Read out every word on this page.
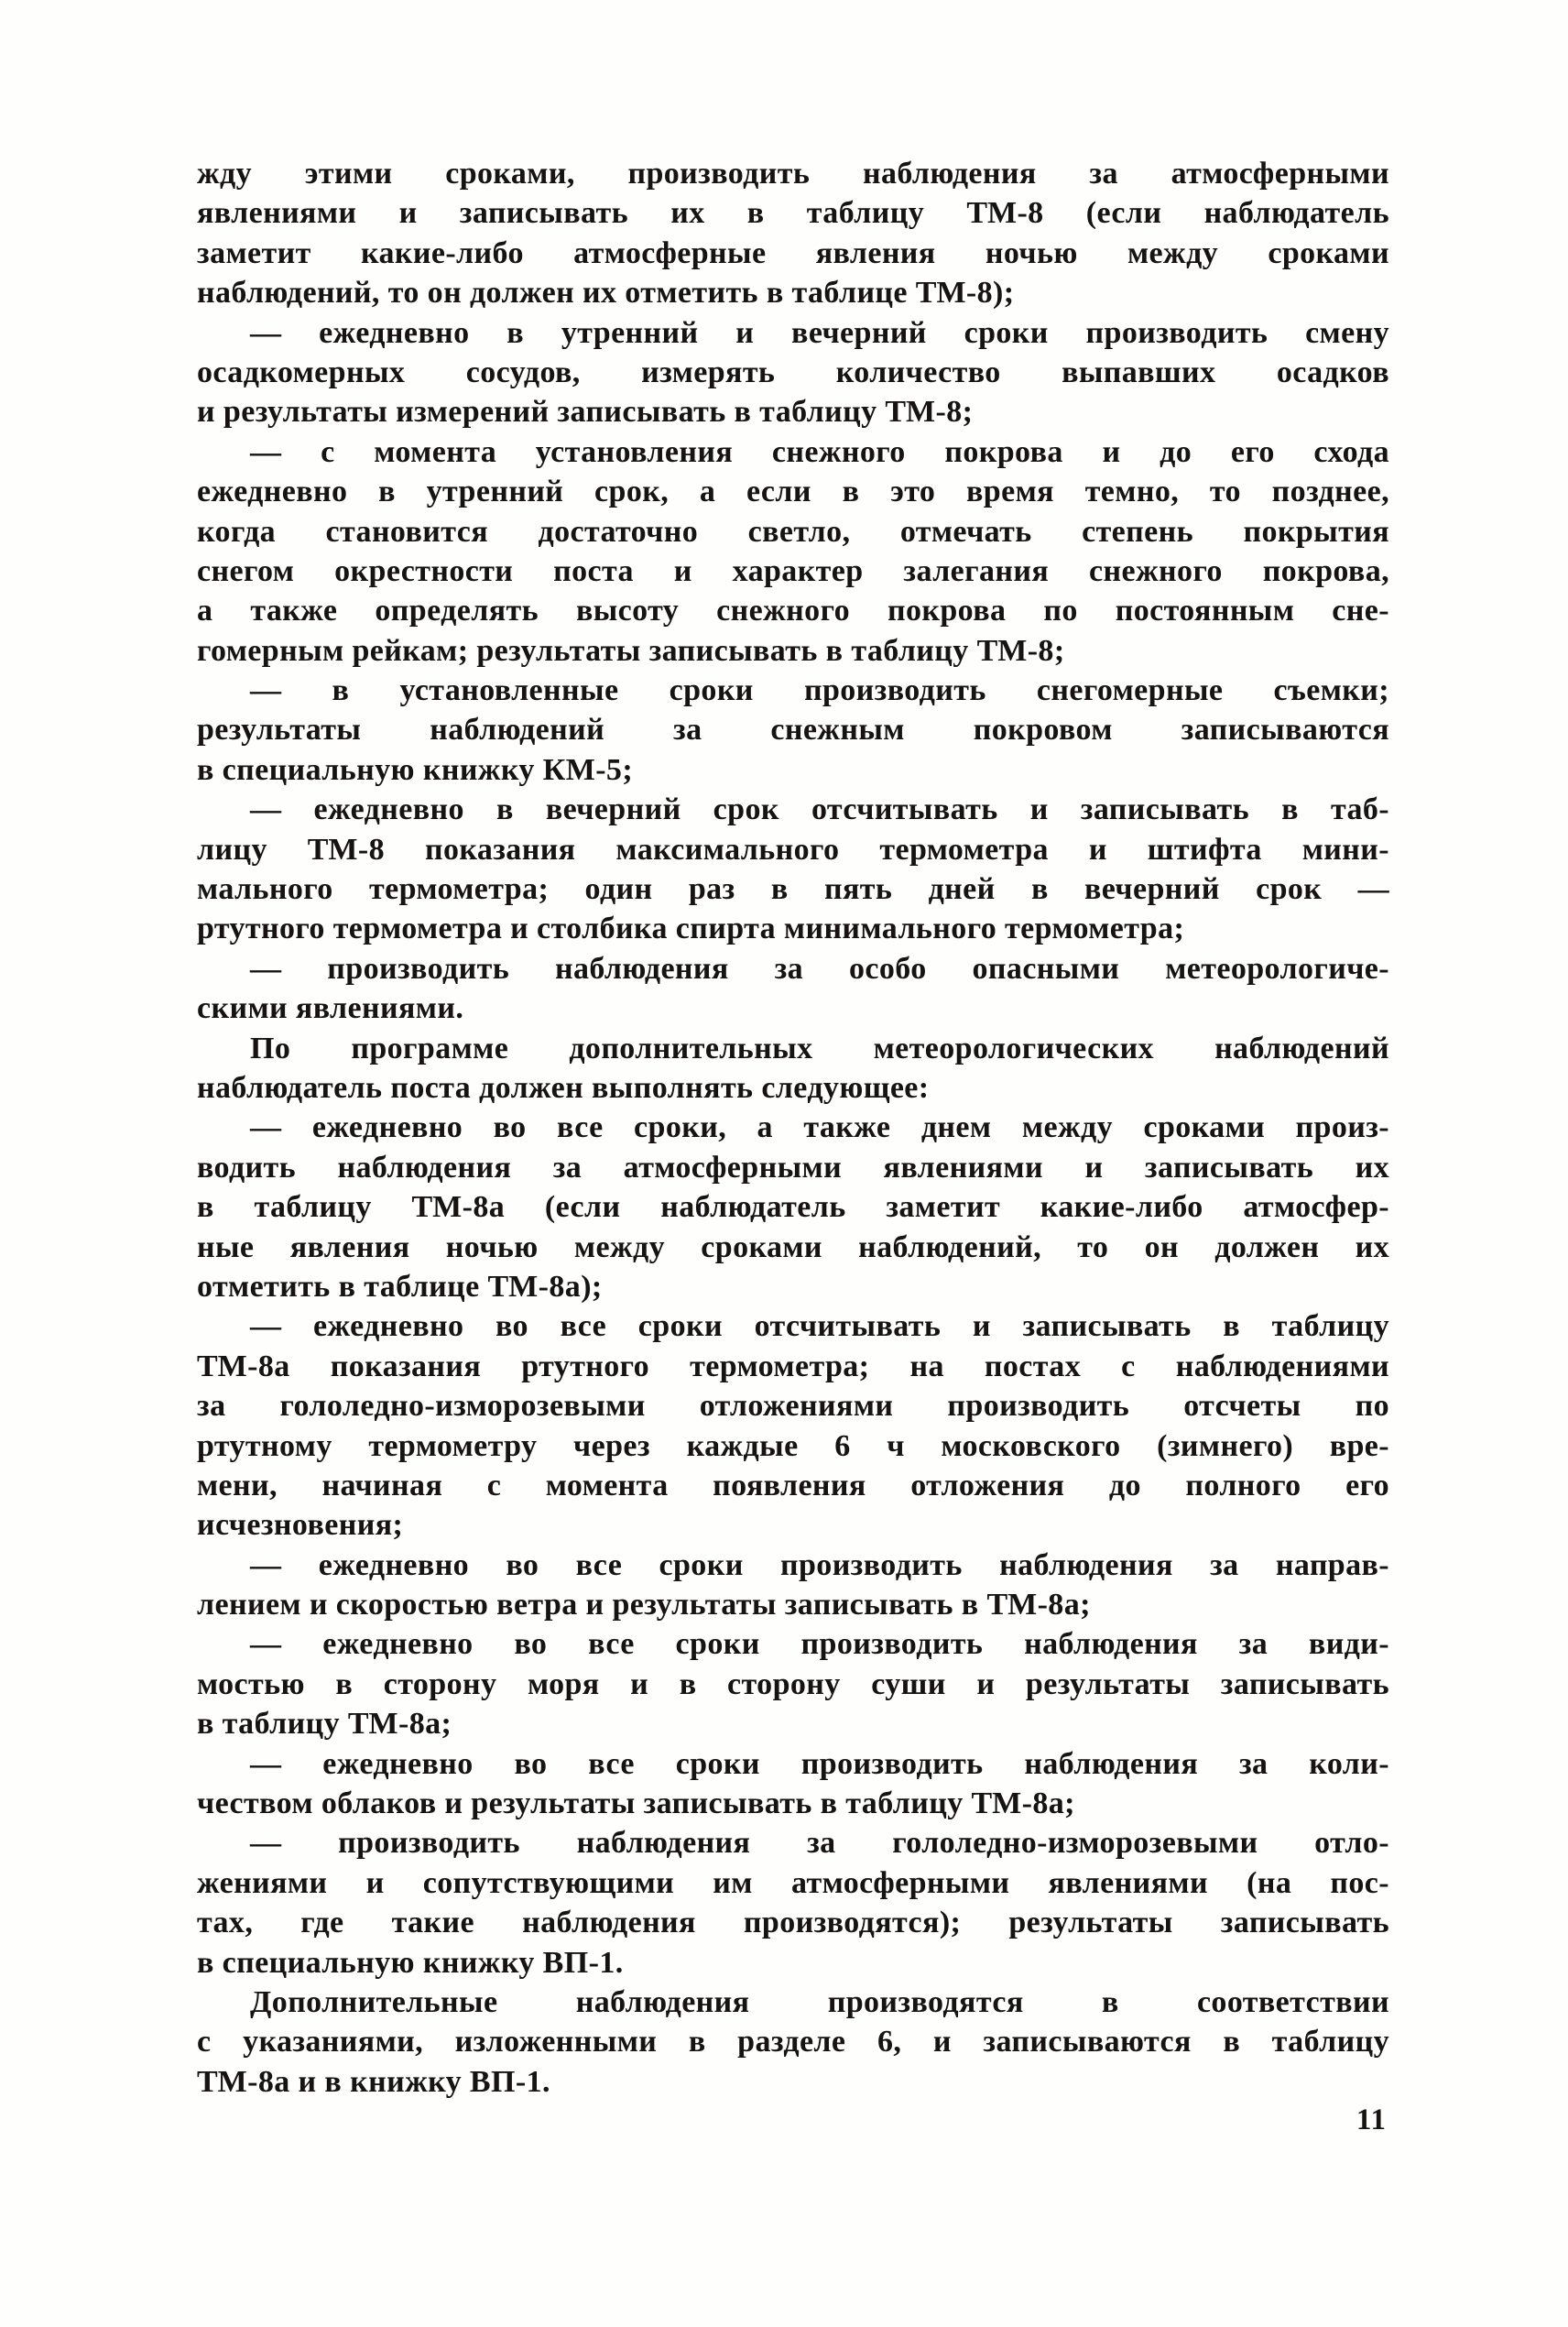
жду этими сроками, производить наблюдения за атмосферными
явлениями и записывать их в таблицу ТМ-8 (если наблюдатель
заметит какие-либо атмосферные явления ночью между сроками
наблюдений, то он должен их отметить в таблице ТМ-8);
— ежедневно в утренний и вечерний сроки производить смену
осадкомерных сосудов, измерять количество выпавших осадков
и результаты измерений записывать в таблицу ТМ-8;
— с момента установления снежного покрова и до его схода
ежедневно в утренний срок, а если в это время темно, то позднее,
когда становится достаточно светло, отмечать степень покрытия
снегом окрестности поста и характер залегания снежного покрова,
а также определять высоту снежного покрова по постоянным сне-
гомерным рейкам; результаты записывать в таблицу ТМ-8;
— в установленные сроки производить снегомерные съемки;
результаты наблюдений за снежным покровом записываются
в специальную книжку КМ-5;
— ежедневно в вечерний срок отсчитывать и записывать в таб-
лицу ТМ-8 показания максимального термометра и штифта мини-
мального термометра; один раз в пять дней в вечерний срок —
ртутного термометра и столбика спирта минимального термометра;
— производить наблюдения за особо опасными метеорологиче-
скими явлениями.
По программе дополнительных метеорологических наблюдений
наблюдатель поста должен выполнять следующее:
— ежедневно во все сроки, а также днем между сроками произ-
водить наблюдения за атмосферными явлениями и записывать их
в таблицу ТМ-8а (если наблюдатель заметит какие-либо атмосфер-
ные явления ночью между сроками наблюдений, то он должен их
отметить в таблице ТМ-8а);
— ежедневно во все сроки отсчитывать и записывать в таблицу
ТМ-8а показания ртутного термометра; на постах с наблюдениями
за гололедно-изморозевыми отложениями производить отсчеты по
ртутному термометру через каждые 6 ч московского (зимнего) вре-
мени, начиная с момента появления отложения до полного его
исчезновения;
— ежедневно во все сроки производить наблюдения за направ-
лением и скоростью ветра и результаты записывать в ТМ-8а;
— ежедневно во все сроки производить наблюдения за види-
мостью в сторону моря и в сторону суши и результаты записывать
в таблицу ТМ-8а;
— ежедневно во все сроки производить наблюдения за коли-
чеством облаков и результаты записывать в таблицу ТМ-8а;
— производить наблюдения за гололедно-изморозевыми отло-
жениями и сопутствующими им атмосферными явлениями (на пос-
тах, где такие наблюдения производятся); результаты записывать
в специальную книжку ВП-1.
Дополнительные наблюдения производятся в соответствии
с указаниями, изложенными в разделе 6, и записываются в таблицу
ТМ-8а и в книжку ВП-1.
11
